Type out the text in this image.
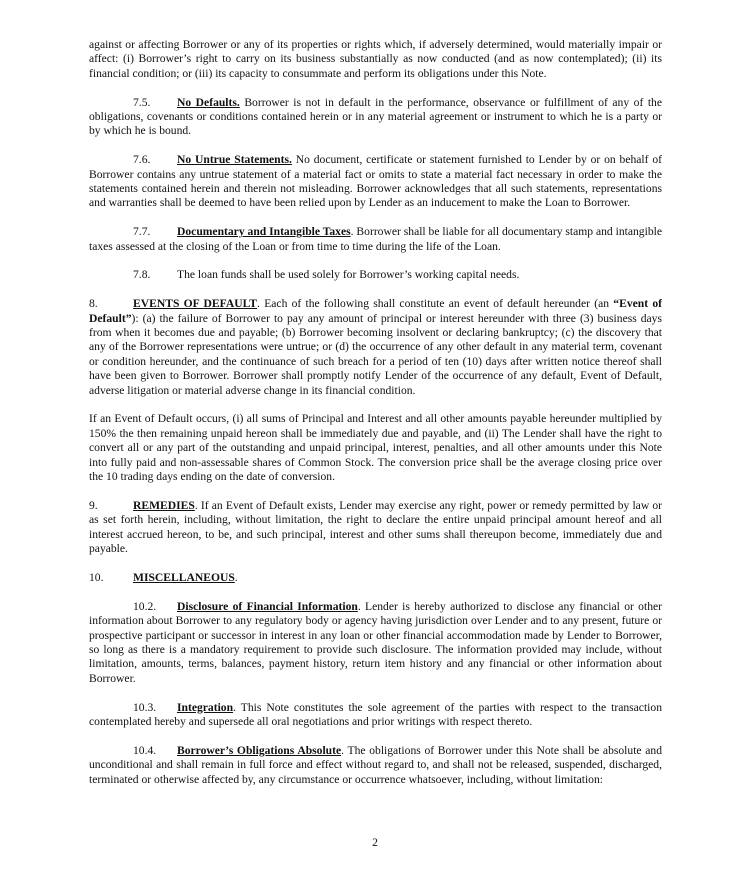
against or affecting Borrower or any of its properties or rights which, if adversely determined, would materially impair or affect: (i) Borrower’s right to carry on its business substantially as now conducted (and as now contemplated); (ii) its financial condition; or (iii) its capacity to consummate and perform its obligations under this Note.

7.5. No Defaults. Borrower is not in default in the performance, observance or fulfillment of any of the obligations, covenants or conditions contained herein or in any material agreement or instrument to which he is a party or by which he is bound.

7.6. No Untrue Statements. No document, certificate or statement furnished to Lender by or on behalf of Borrower contains any untrue statement of a material fact or omits to state a material fact necessary in order to make the statements contained herein and therein not misleading. Borrower acknowledges that all such statements, representations and warranties shall be deemed to have been relied upon by Lender as an inducement to make the Loan to Borrower.

7.7. Documentary and Intangible Taxes. Borrower shall be liable for all documentary stamp and intangible taxes assessed at the closing of the Loan or from time to time during the life of the Loan.

7.8. The loan funds shall be used solely for Borrower’s working capital needs.

8.	EVENTS OF DEFAULT. Each of the following shall constitute an event of default hereunder (an “Event of Default”): (a) the failure of Borrower to pay any amount of principal or interest hereunder with three (3) business days from when it becomes due and payable; (b) Borrower becoming insolvent or declaring bankruptcy; (c) the discovery that any of the Borrower representations were untrue; or (d) the occurrence of any other default in any material term, covenant or condition hereunder, and the continuance of such breach for a period of ten (10) days after written notice thereof shall have been given to Borrower. Borrower shall promptly notify Lender of the occurrence of any default, Event of Default, adverse litigation or material adverse change in its financial condition.

If an Event of Default occurs, (i) all sums of Principal and Interest and all other amounts payable hereunder multiplied by 150% the then remaining unpaid hereon shall be immediately due and payable, and (ii) The Lender shall have the right to convert all or any part of the outstanding and unpaid principal, interest, penalties, and all other amounts under this Note into fully paid and non-assessable shares of Common Stock. The conversion price shall be the average closing price over the 10 trading days ending on the date of conversion.

9.	REMEDIES. If an Event of Default exists, Lender may exercise any right, power or remedy permitted by law or as set forth herein, including, without limitation, the right to declare the entire unpaid principal amount hereof and all interest accrued hereon, to be, and such principal, interest and other sums shall thereupon become, immediately due and payable.

10.	MISCELLANEOUS.

10.2. Disclosure of Financial Information. Lender is hereby authorized to disclose any financial or other information about Borrower to any regulatory body or agency having jurisdiction over Lender and to any present, future or prospective participant or successor in interest in any loan or other financial accommodation made by Lender to Borrower, so long as there is a mandatory requirement to provide such disclosure. The information provided may include, without limitation, amounts, terms, balances, payment history, return item history and any financial or other information about Borrower.

10.3. Integration. This Note constitutes the sole agreement of the parties with respect to the transaction contemplated hereby and supersede all oral negotiations and prior writings with respect thereto.

10.4. Borrower’s Obligations Absolute. The obligations of Borrower under this Note shall be absolute and unconditional and shall remain in full force and effect without regard to, and shall not be released, suspended, discharged, terminated or otherwise affected by, any circumstance or occurrence whatsoever, including, without limitation:

2
